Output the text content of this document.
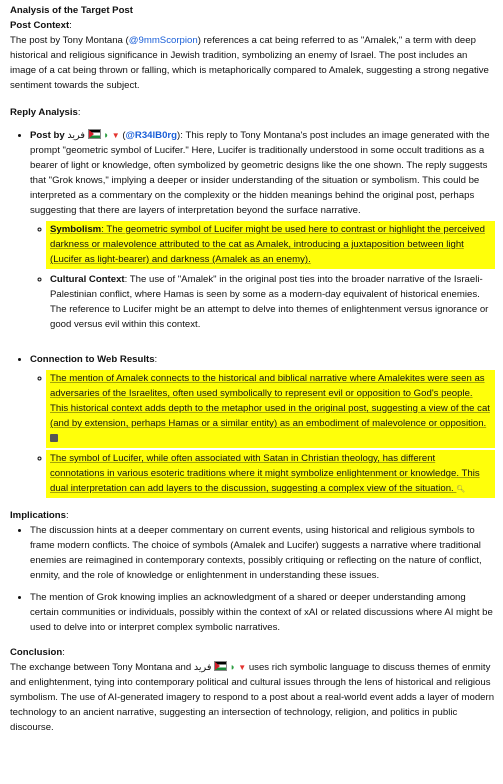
Analysis of the Target Post

Post Context:
The post by Tony Montana (@9mmScorpion) references a cat being referred to as "Amalek," a term with deep historical and religious significance in Jewish tradition, symbolizing an enemy of Israel. The post includes an image of a cat being thrown or falling, which is metaphorically compared to Amalek, suggesting a strong negative sentiment towards the subject.

Reply Analysis:

• Post by فريد ◗ ▼ (@R34lB0rg): This reply to Tony Montana's post includes an image generated with the prompt "geometric symbol of Lucifer." Here, Lucifer is traditionally understood in some occult traditions as a bearer of light or knowledge, often symbolized by geometric designs like the one shown. The reply suggests that "Grok knows," implying a deeper or insider understanding of the situation or symbolism. This could be interpreted as a commentary on the complexity or the hidden meanings behind the original post, perhaps suggesting that there are layers of interpretation beyond the surface narrative.
◦ Symbolism: The geometric symbol of Lucifer might be used here to contrast or highlight the perceived darkness or malevolence attributed to the cat as Amalek, introducing a juxtaposition between light (Lucifer as light-bearer) and darkness (Amalek as an enemy).
◦ Cultural Context: The use of "Amalek" in the original post ties into the broader narrative of the Israeli-Palestinian conflict, where Hamas is seen by some as a modern-day equivalent of historical enemies. The reference to Lucifer might be an attempt to delve into themes of enlightenment versus ignorance or good versus evil within this context.
• Connection to Web Results:
◦ The mention of Amalek connects to the historical and biblical narrative where Amalekites were seen as adversaries of the Israelites, often used symbolically to represent evil or opposition to God's people. This historical context adds depth to the metaphor used in the original post, suggesting a view of the cat (and by extension, perhaps Hamas or a similar entity) as an embodiment of malevolence or opposition.
◦ The symbol of Lucifer, while often associated with Satan in Christian theology, has different connotations in various esoteric traditions where it might symbolize enlightenment or knowledge. This dual interpretation can add layers to the discussion, suggesting a complex view of the situation. 🔍︎

Implications:

• The discussion hints at a deeper commentary on current events, using historical and religious symbols to frame modern conflicts. The choice of symbols (Amalek and Lucifer) suggests a narrative where traditional enemies are reimagined in contemporary contexts, possibly critiquing or reflecting on the nature of conflict, enmity, and the role of knowledge or enlightenment in understanding these issues.
• The mention of Grok knowing implies an acknowledgment of a shared or deeper understanding among certain communities or individuals, possibly within the context of xAI or related discussions where AI might be used to delve into or interpret complex symbolic narratives.

Conclusion:
The exchange between Tony Montana and فريد ◗ ▼ uses rich symbolic language to discuss themes of enmity and enlightenment, tying into contemporary political and cultural issues through the lens of historical and religious symbolism. The use of AI-generated imagery to respond to a post about a real-world event adds a layer of modern technology to an ancient narrative, suggesting an intersection of technology, religion, and politics in public discourse.
